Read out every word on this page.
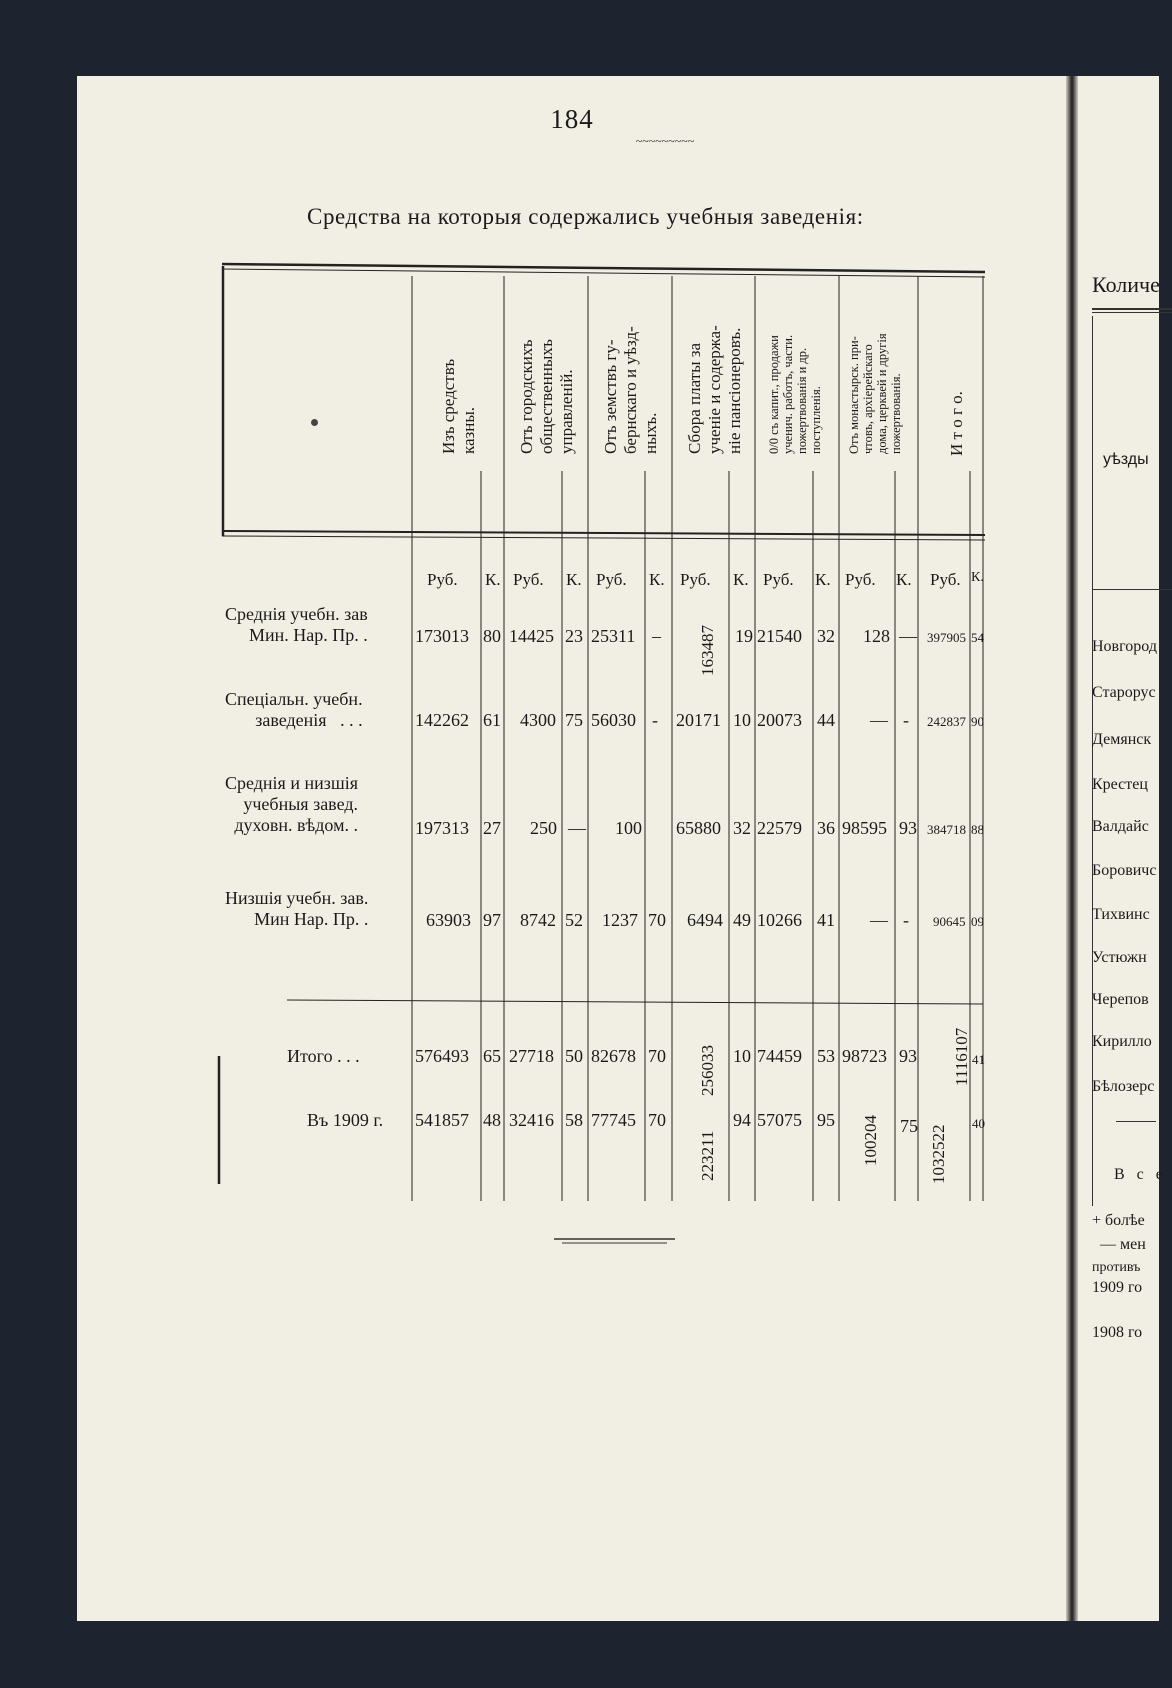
184
~~~~~~~~~
Средства на которыя содержались учебныя заведенія:
Изъ средствъ
казны. Отъ городскихъ
общественныхъ
управленій. Отъ земствъ гу-
бернскаго и уѣзд-
ныхъ. Сбора платы за
ученіе и содержа-
ніе пансіонеровъ.
0/0 съ капит., продажи
ученич. работъ, части.
пожертвованія и др.
поступленія. Отъ монастырск. при-
чтовъ, архіерейскаго
дома, церквей и другія
пожертвованія.	И т о г о.
Руб. К. Руб. К. Руб. К. Руб. К. Руб. К. Руб. К. Руб. К.
Среднія учебн. зав
Мин. Нар. Пр. .
Спеціальн. учебн.
заведенія   . . .
Среднія и низшія
учебныя завед.
духовн. вѣдом. .
Низшія учебн. зав.
Мин Нар. Пр. .
Итого . . .
Въ 1909 г.
173013 80 14425 23 25311 – 163487 19 21540 32 128 — 397905 54
142262 61 4300 75 56030 - 20171 10 20073 44 — - 242837 90
197313 27 250 — 100 65880 32 22579 36 98595 93 384718 88
63903 97 8742 52 1237 70 6494 49 10266 41 — - 90645 09
576493 65 27718 50 82678 70 256033 10 74459 53 98723 93 1116107 41
541857 48 32416 58 77745 70
223211
94 57075 95 100204 75 1032522
40
Количе
уѣзды
Новгород
Старорус
Демянск
Крестец
Валдайс
Боровичс
Тихвинс
Устюжн
Черепов
Кирилло
Бѣлозерс
В с е
+ болѣе
— мен
противъ
1909 го
1908 го
